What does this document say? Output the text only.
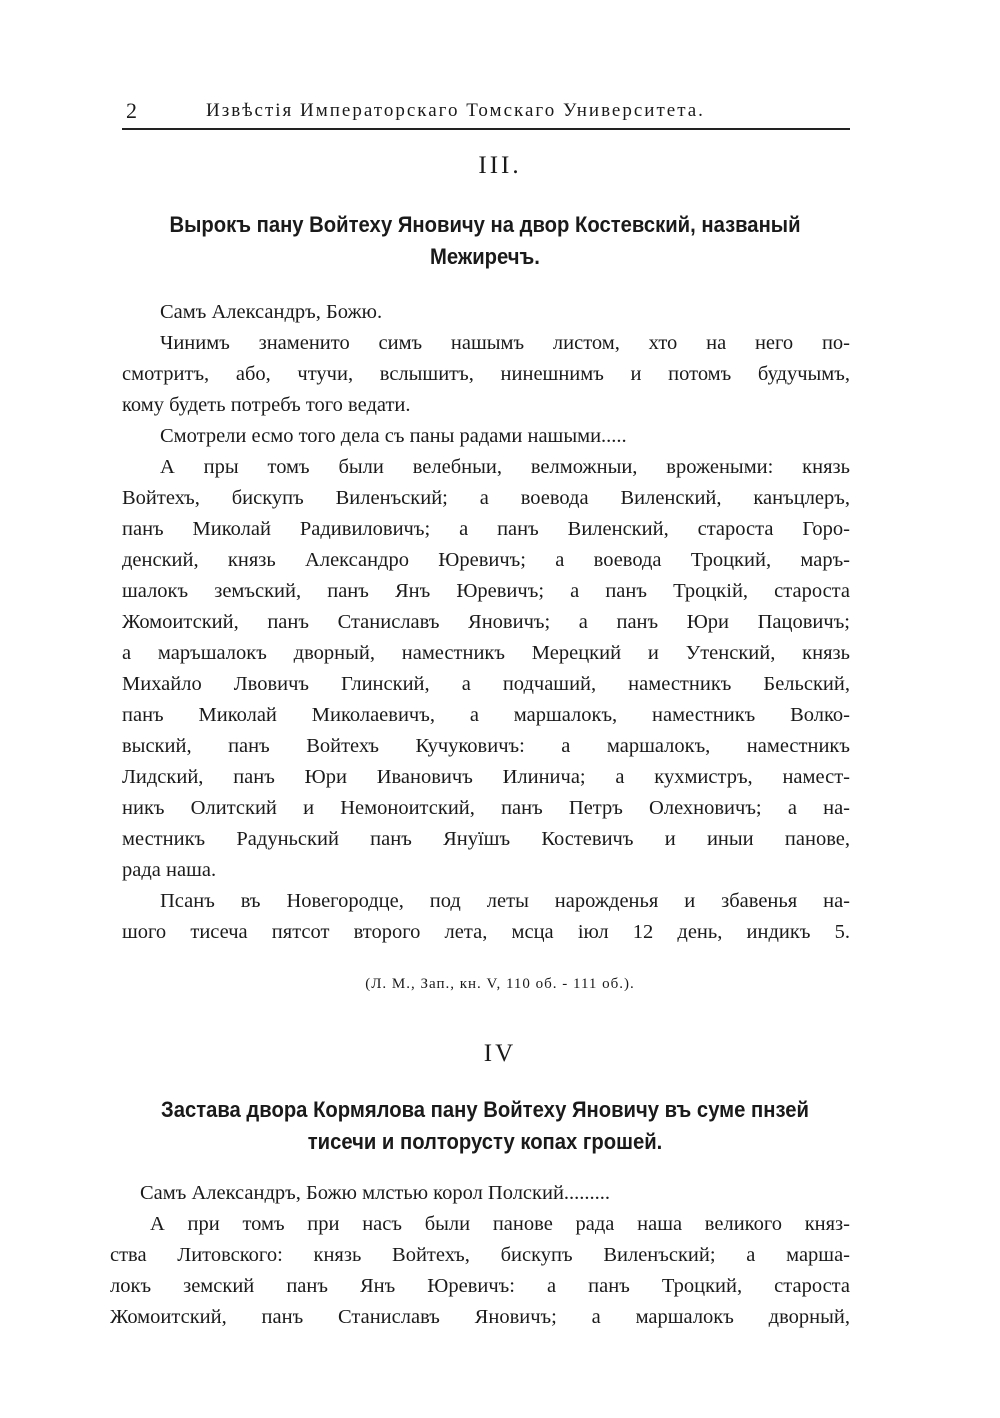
2	Извѣстія Императорскаго Томскаго Университета.
III.
Вырокъ пану Войтеху Яновичу на двор Костевский, названый
Межиречъ.
Самъ Александръ, Божю.
Чинимъ знаменито симъ нашымъ листом, хто на него по-
смотритъ, або, чтучи, вслышитъ, нинешнимъ и потомъ будучымъ,
кому будеть потребъ того ведати.
Смотрели есмо того дела съ паны радами нашыми.....
А пры томъ были велебныи, велможныи, врожеными: князь
Войтехъ, бискупъ Виленъский; а воевода Виленский, канъцлеръ,
панъ Миколай Радивиловичъ; а панъ Виленский, староста Горо-
денский, князь Александро Юревичъ; а воевода Троцкий, маръ-
шалокъ земъский, панъ Янъ Юревичъ; а панъ Троцкій, староста
Жомоитский, панъ Станиславъ Яновичъ; а панъ Юри Пацовичъ;
а маръшалокъ дворный, наместникъ Мерецкий и Утенский, князь
Михайло Лвовичъ Глинский, а подчаший, наместникъ Бельский,
панъ Миколай Миколаевичъ, а маршалокъ, наместникъ Волко-
выский, панъ Войтехъ Кучуковичъ: а маршалокъ, наместникъ
Лидский, панъ Юри Ивановичъ Илинича; а кухмистръ, намест-
никъ Олитский и Немоноитский, панъ Петръ Олехновичъ; а на-
местникъ Радуньский панъ Януїшъ Костевичъ и иныи панове,
рада наша.
Псанъ въ Новегородце, под леты нарожденья и збавенья на-
шого тисеча пятсот второго лета, мсца іюл 12 день, индикъ 5.
(Л. М., Зап., кн. V, 110 об. - 111 об.).
IV
Застава двора Кормялова пану Войтеху Яновичу въ суме пнзей
тисечи и полторусту копах грошей.
Самъ Александръ, Божю млстью корол Полский.........
А при томъ при насъ были панове рада наша великого княз-
ства Литовского: князь Войтехъ, бискупъ Виленъский; а маршa-
локъ земский панъ Янъ Юревичъ: а панъ Троцкий, староста
Жомоитский, панъ Станиславъ Яновичъ; а маршалокъ дворный,
